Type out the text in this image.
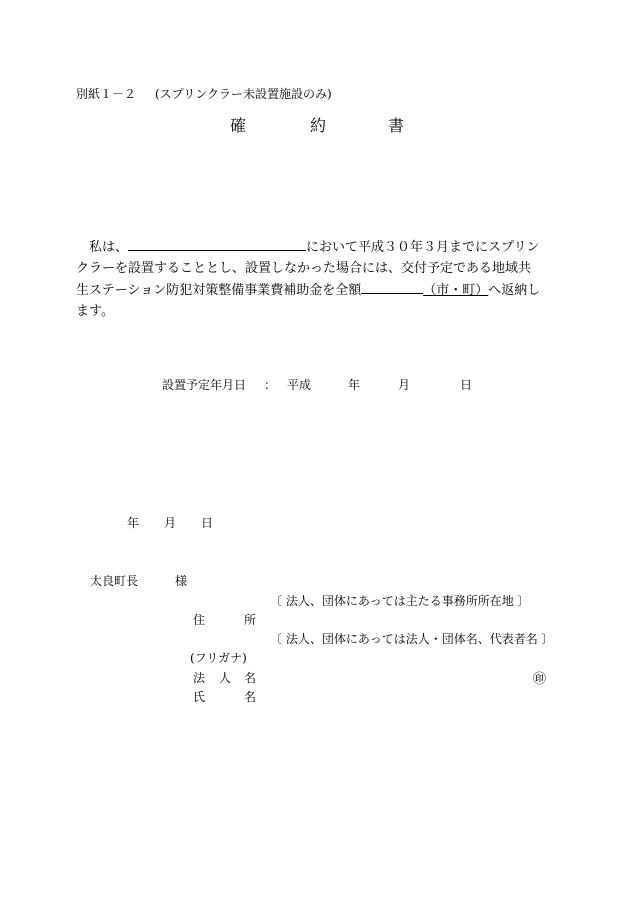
別紙１－２ (スプリンクラー未設置施設のみ)
確	約	書
私は、	において平成３０年３月までにスプリン
クラーを設置することとし、設置しなかった場合には、交付予定である地域共
生ステーション防犯対策整備事業費補助金を全額	（市・町）へ返納し
ます。
設置予定年月日 ： 平成	年	月	日
年 月 日
太良町長	様
〔 法人、団体にあっては主たる事務所所在地 〕
住	所
〔 法人、団体にあっては法人・団体名、代表者名 〕
(フリガナ)
法 人 名	㊞
氏	名
